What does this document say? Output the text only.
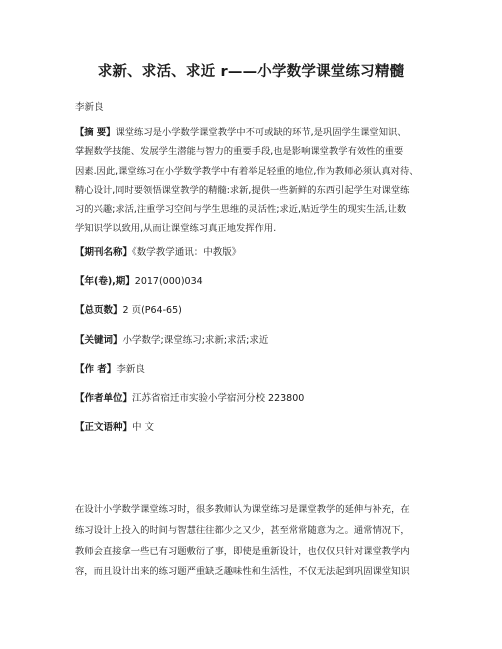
求新、求活、求近 r——小学数学课堂练习精髓
李新良
【摘 要】课堂练习是小学数学课堂教学中不可或缺的环节,是巩固学生课堂知识、
掌握数学技能、发展学生潜能与智力的重要手段,也是影响课堂教学有效性的重要
因素.因此,课堂练习在小学数学教学中有着举足轻重的地位,作为教师必须认真对待、
精心设计,同时要领悟课堂教学的精髓:求新,提供一些新鲜的东西引起学生对课堂练
习的兴趣;求活,注重学习空间与学生思维的灵活性;求近,贴近学生的现实生活,让数
学知识学以致用,从而让课堂练习真正地发挥作用.
【期刊名称】《数学教学通讯：中教版》
【年(卷),期】2017(000)034
【总页数】2 页(P64-65)
【关键词】小学数学;课堂练习;求新;求活;求近
【作 者】李新良
【作者单位】江苏省宿迁市实验小学宿河分校 223800
【正文语种】中 文
在设计小学数学课堂练习时，很多教师认为课堂练习是课堂教学的延伸与补充，在
练习设计上投入的时间与智慧往往都少之又少，甚至常常随意为之。通常情况下，
教师会直接拿一些已有习题敷衍了事，即使是重新设计，也仅仅只针对课堂教学内
容，而且设计出来的练习题严重缺乏趣味性和生活性，不仅无法起到巩固课堂知识
